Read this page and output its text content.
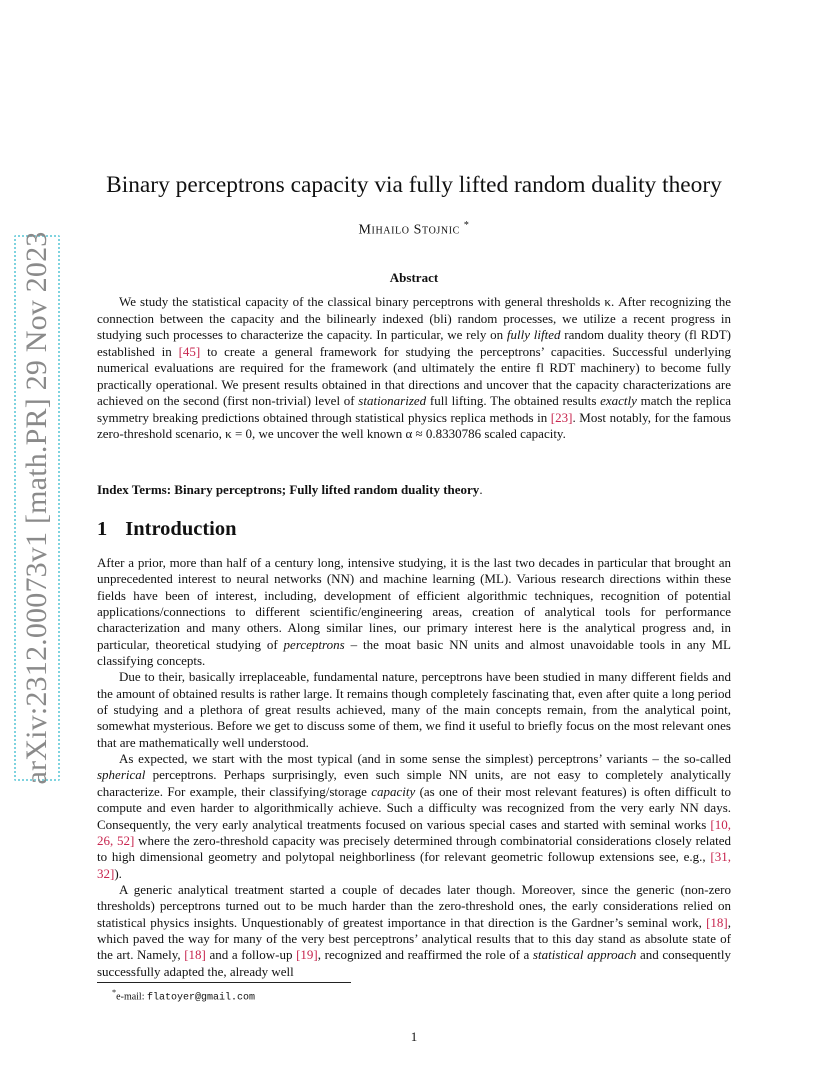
arXiv:2312.00073v1 [math.PR] 29 Nov 2023
Binary perceptrons capacity via fully lifted random duality theory
Mihailo Stojnic *
Abstract

We study the statistical capacity of the classical binary perceptrons with general thresholds κ. After recognizing the connection between the capacity and the bilinearly indexed (bli) random processes, we utilize a recent progress in studying such processes to characterize the capacity. In particular, we rely on fully lifted random duality theory (fl RDT) established in [45] to create a general framework for studying the perceptrons’ capacities. Successful underlying numerical evaluations are required for the framework (and ultimately the entire fl RDT machinery) to become fully practically operational. We present results obtained in that directions and uncover that the capacity characterizations are achieved on the second (first non-trivial) level of stationarized full lifting. The obtained results exactly match the replica symmetry breaking predictions obtained through statistical physics replica methods in [23]. Most notably, for the famous zero-threshold scenario, κ = 0, we uncover the well known α ≈ 0.8330786 scaled capacity.

Index Terms: Binary perceptrons; Fully lifted random duality theory.
1 Introduction

After a prior, more than half of a century long, intensive studying, it is the last two decades in particular that brought an unprecedented interest to neural networks (NN) and machine learning (ML). Various research directions within these fields have been of interest, including, development of efficient algorithmic techniques, recognition of potential applications/connections to different scientific/engineering areas, creation of analytical tools for performance characterization and many others. Along similar lines, our primary interest here is the analytical progress and, in particular, theoretical studying of perceptrons – the moat basic NN units and almost unavoidable tools in any ML classifying concepts.

Due to their, basically irreplaceable, fundamental nature, perceptrons have been studied in many different fields and the amount of obtained results is rather large. It remains though completely fascinating that, even after quite a long period of studying and a plethora of great results achieved, many of the main concepts remain, from the analytical point, somewhat mysterious. Before we get to discuss some of them, we find it useful to briefly focus on the most relevant ones that are mathematically well understood.

As expected, we start with the most typical (and in some sense the simplest) perceptrons’ variants – the so-called spherical perceptrons. Perhaps surprisingly, even such simple NN units, are not easy to completely analytically characterize. For example, their classifying/storage capacity (as one of their most relevant features) is often difficult to compute and even harder to algorithmically achieve. Such a difficulty was recognized from the very early NN days. Consequently, the very early analytical treatments focused on various special cases and started with seminal works [10, 26, 52] where the zero-threshold capacity was precisely determined through combinatorial considerations closely related to high dimensional geometry and polytopal neighborliness (for relevant geometric followup extensions see, e.g., [31, 32]).

A generic analytical treatment started a couple of decades later though. Moreover, since the generic (non-zero thresholds) perceptrons turned out to be much harder than the zero-threshold ones, the early considerations relied on statistical physics insights. Unquestionably of greatest importance in that direction is the Gardner’s seminal work, [18], which paved the way for many of the very best perceptrons’ analytical results that to this day stand as absolute state of the art. Namely, [18] and a follow-up [19], recognized and reaffirmed the role of a statistical approach and consequently successfully adapted the, already well

*e-mail: flatoyer@gmail.com
1
